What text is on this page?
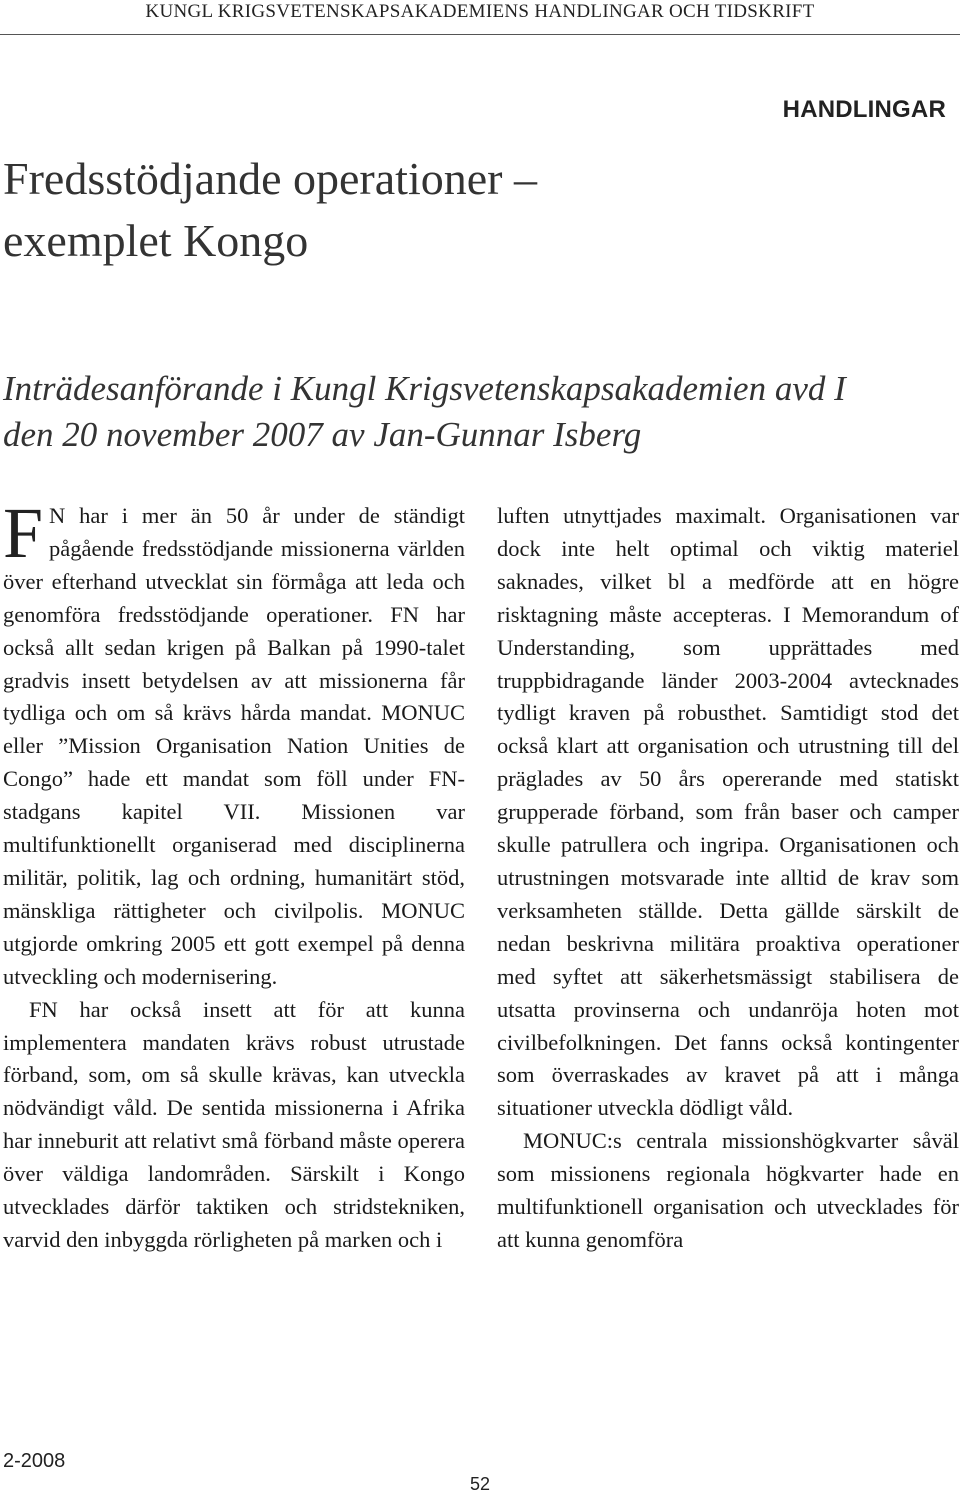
KUNGL KRIGSVETENSKAPSAKADEMIENS HANDLINGAR OCH TIDSKRIFT
HANDLINGAR
Fredsstödjande operationer –
exemplet Kongo
Inträdesanförande i Kungl Krigsvetenskapsakademien avd I
den 20 november 2007 av Jan-Gunnar Isberg

F N har i mer än 50 år under de ständigt pågående fredsstödjande missionerna världen över efterhand utvecklat sin förmåga att leda och genomföra fredsstödjande operationer. FN har också allt sedan krigen på Balkan på 1990-talet gradvis insett betydelsen av att missionerna får tydliga och om så krävs hårda mandat. MONUC eller ”Mission Organisation Nation Unities de Congo” hade ett mandat som föll under FN-stadgans kapitel VII. Missionen var multifunktionellt organiserad med disciplinerna militär, politik, lag och ordning, humanitärt stöd, mänskliga rättigheter och civilpolis. MONUC utgjorde omkring 2005 ett gott exempel på denna utveckling och modernisering.

FN har också insett att för att kunna implementera mandaten krävs robust utrustade förband, som, om så skulle krävas, kan utveckla nödvändigt våld. De sentida missionerna i Afrika har inneburit att relativt små förband måste operera över väldiga landområden. Särskilt i Kongo utvecklades därför taktiken och stridstekniken, varvid den inbyggda rörligheten på marken och i

luften utnyttjades maximalt. Organisationen var dock inte helt optimal och viktig materiel saknades, vilket bl a medförde att en högre risktagning måste accepteras. I Memorandum of Understanding, som upprättades med truppbidragande länder 2003-2004 avtecknades tydligt kraven på robusthet. Samtidigt stod det också klart att organisation och utrustning till del präglades av 50 års opererande med statiskt grupperade förband, som från baser och camper skulle patrullera och ingripa. Organisationen och utrustningen motsvarade inte alltid de krav som verksamheten ställde. Detta gällde särskilt de nedan beskrivna militära proaktiva operationer med syftet att säkerhetsmässigt stabilisera de utsatta provinserna och undanröja hoten mot civilbefolkningen. Det fanns också kontingenter som överraskades av kravet på att i många situationer utveckla dödligt våld.

MONUC:s centrala missionshögkvarter såväl som missionens regionala högkvarter hade en multifunktionell organisation och utvecklades för att kunna genomföra

2-2008
52
